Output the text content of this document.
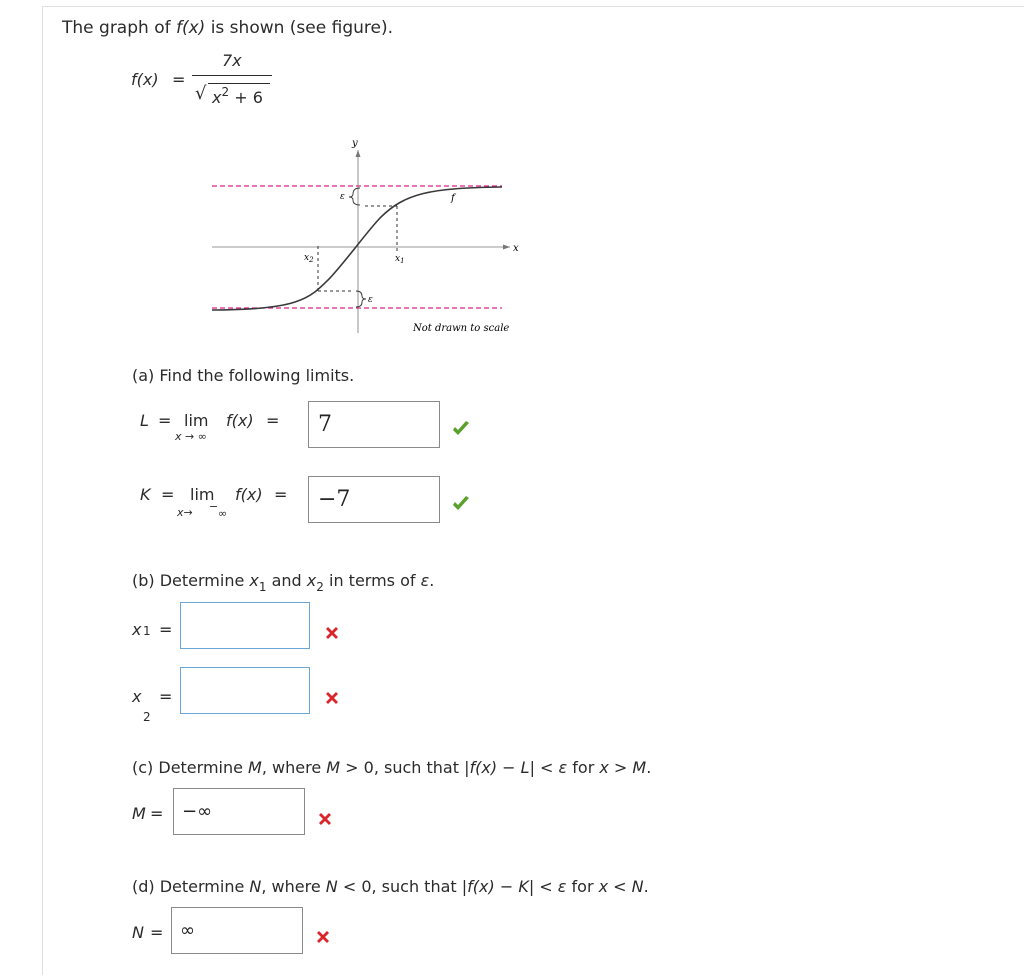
The graph of f(x) is shown (see figure).
f(x) =
7x
√ $x^2 + 6$
y
x
f
ε
ε
$x_1$
$x_2$
Not drawn to scale
(a) Find the following limits.
L = lim
x → ∞
f(x) =	7
K = lim
x→ −
∞
f(x) =	−7
(b) Determine $x_1$ and $x_2$ in terms of ε.
x $_1$ =
x
$_2$
=
(c) Determine M, where M > 0, such that |f(x) − L| < ε for x > M.
M =	−∞
(d) Determine N, where N < 0, such that |f(x) − K| < ε for x < N.
N = ∞
